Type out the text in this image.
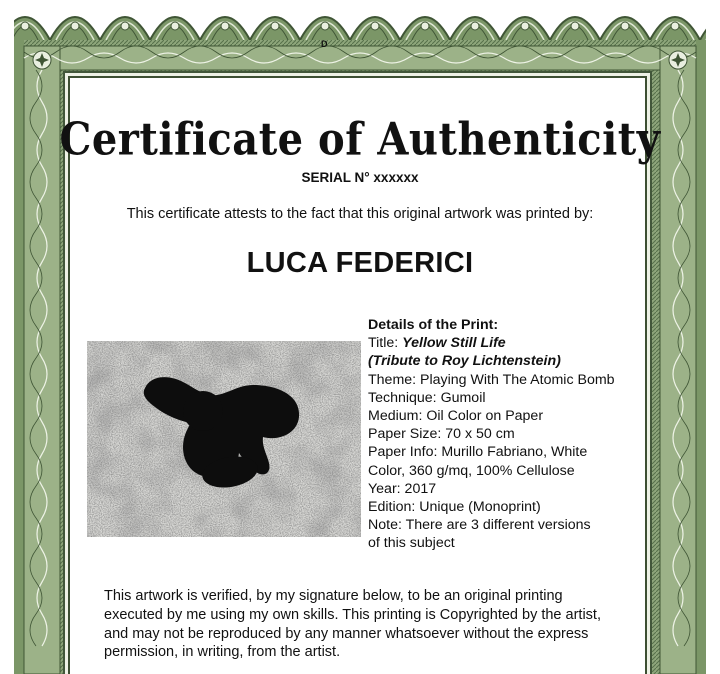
D
Certificate of Authenticity
SERIAL N° xxxxxx
This certificate attests to the fact that this original artwork was printed by:
LUCA FEDERICI
Details of the Print:
Title: Yellow Still Life
(Tribute to Roy Lichtenstein)
Theme: Playing With The Atomic Bomb
Technique: Gumoil
Medium: Oil Color on Paper
Paper Size: 70 x 50 cm
Paper Info: Murillo Fabriano, White
Color, 360 g/mq, 100% Cellulose
Year: 2017
Edition: Unique (Monoprint)
Note: There are 3 different versions
of this subject
This artwork is verified, by my signature below, to be an original printing
executed by me using my own skills. This printing is Copyrighted by the artist,
and may not be reproduced by any manner whatsoever without the express
permission, in writing, from the artist.
